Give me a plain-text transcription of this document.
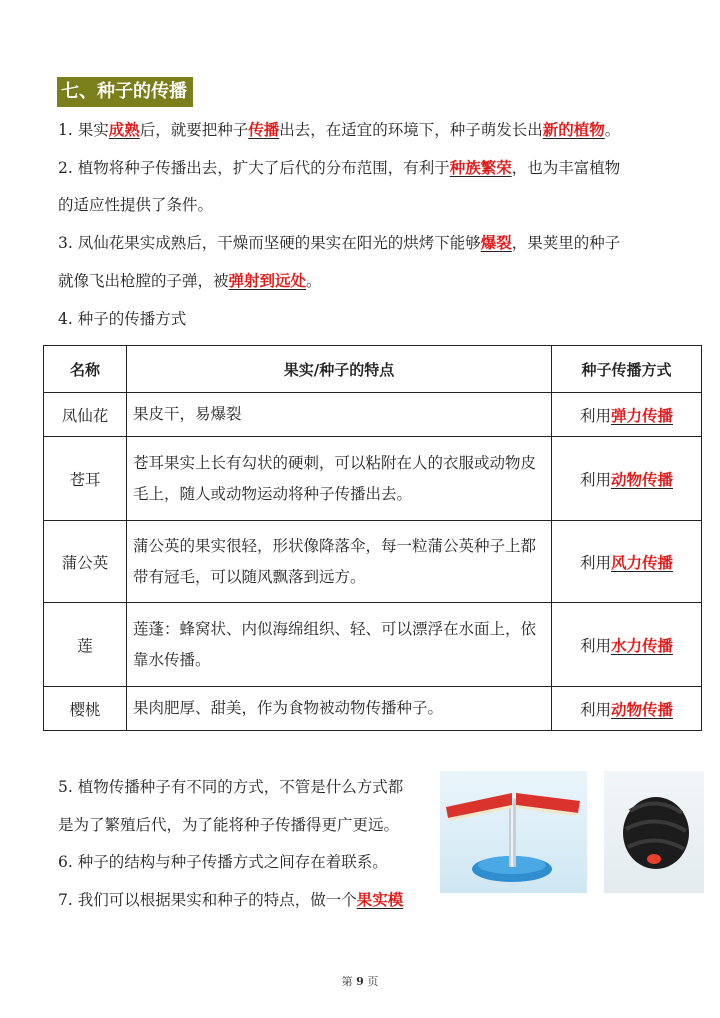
七、种子的传播
1. 果实成熟后，就要把种子传播出去，在适宜的环境下，种子萌发长出新的植物。
2. 植物将种子传播出去，扩大了后代的分布范围，有利于种族繁荣，也为丰富植物
的适应性提供了条件。
3. 凤仙花果实成熟后，干燥而坚硬的果实在阳光的烘烤下能够爆裂，果荚里的种子
就像飞出枪膛的子弹，被弹射到远处。
4. 种子的传播方式
名称	果实/种子的特点	种子传播方式
凤仙花	果皮干，易爆裂	利用弹力传播
苍耳	苍耳果实上长有勾状的硬刺，可以粘附在人的衣服或动物皮毛上，随人或动物运动将种子传播出去。	利用动物传播
蒲公英	蒲公英的果实很轻，形状像降落伞，每一粒蒲公英种子上都带有冠毛，可以随风飘落到远方。	利用风力传播
莲	莲蓬：蜂窝状、内似海绵组织、轻、可以漂浮在水面上，依靠水传播。	利用水力传播
樱桃	果肉肥厚、甜美，作为食物被动物传播种子。	利用动物传播
5. 植物传播种子有不同的方式，不管是什么方式都
是为了繁殖后代，为了能将种子传播得更广更远。
6. 种子的结构与种子传播方式之间存在着联系。
7. 我们可以根据果实和种子的特点，做一个果实模
第 9 页
